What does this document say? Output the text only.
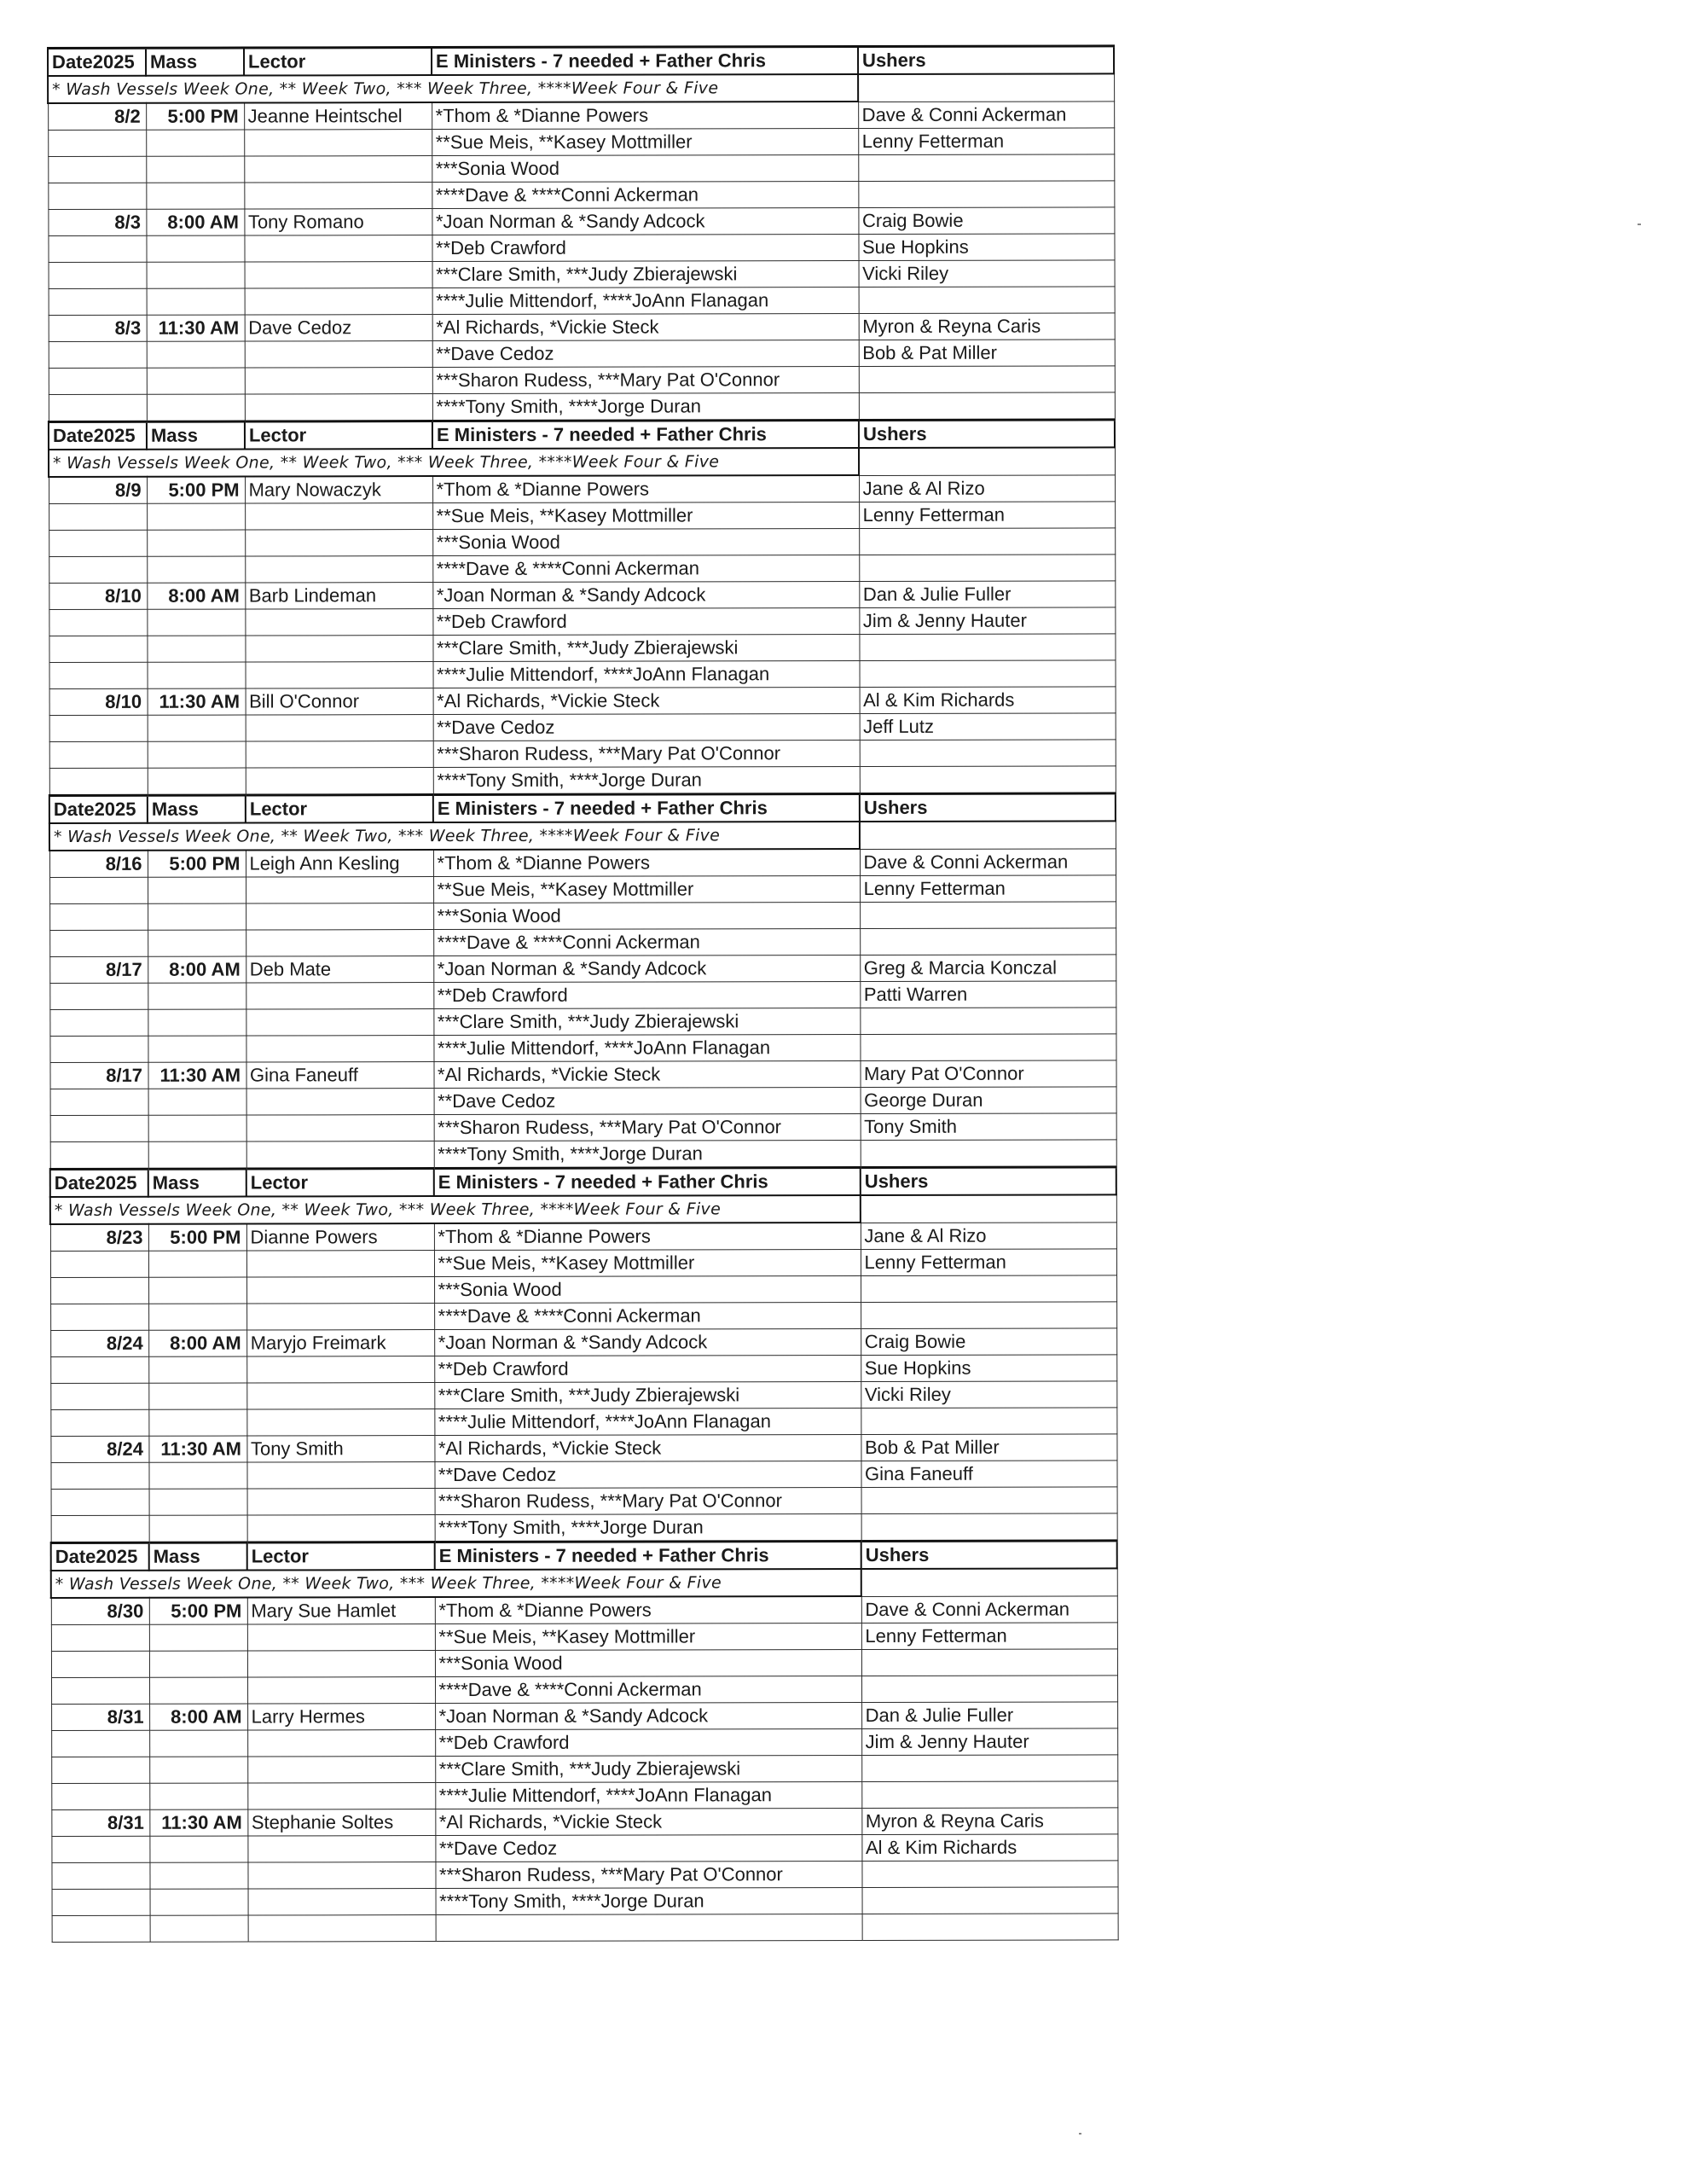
Date2025	Mass	Lector	E Ministers - 7 needed + Father Chris	Ushers
* Wash Vessels Week One, ** Week Two, *** Week Three, ****Week Four & Five				
8/2	5:00 PM	Jeanne Heintschel	*Thom & *Dianne Powers	Dave & Conni Ackerman
			**Sue Meis, **Kasey Mottmiller	Lenny Fetterman
			***Sonia Wood	
			****Dave & ****Conni Ackerman	
8/3	8:00 AM	Tony Romano	*Joan Norman & *Sandy Adcock	Craig Bowie
			**Deb Crawford	Sue Hopkins
			***Clare Smith, ***Judy Zbierajewski	Vicki Riley
			****Julie Mittendorf, ****JoAnn Flanagan	
8/3	11:30 AM	Dave Cedoz	*Al Richards, *Vickie Steck	Myron & Reyna Caris
			**Dave Cedoz	Bob & Pat Miller
			***Sharon Rudess, ***Mary Pat O'Connor	
			****Tony Smith, ****Jorge Duran	
Date2025	Mass	Lector	E Ministers - 7 needed + Father Chris	Ushers
* Wash Vessels Week One, ** Week Two, *** Week Three, ****Week Four & Five				
8/9	5:00 PM	Mary Nowaczyk	*Thom & *Dianne Powers	Jane & Al Rizo
			**Sue Meis, **Kasey Mottmiller	Lenny Fetterman
			***Sonia Wood	
			****Dave & ****Conni Ackerman	
8/10	8:00 AM	Barb Lindeman	*Joan Norman & *Sandy Adcock	Dan & Julie Fuller
			**Deb Crawford	Jim & Jenny Hauter
			***Clare Smith, ***Judy Zbierajewski	
			****Julie Mittendorf, ****JoAnn Flanagan	
8/10	11:30 AM	Bill O'Connor	*Al Richards, *Vickie Steck	Al & Kim Richards
			**Dave Cedoz	Jeff Lutz
			***Sharon Rudess, ***Mary Pat O'Connor	
			****Tony Smith, ****Jorge Duran	
Date2025	Mass	Lector	E Ministers - 7 needed + Father Chris	Ushers
* Wash Vessels Week One, ** Week Two, *** Week Three, ****Week Four & Five				
8/16	5:00 PM	Leigh Ann Kesling	*Thom & *Dianne Powers	Dave & Conni Ackerman
			**Sue Meis, **Kasey Mottmiller	Lenny Fetterman
			***Sonia Wood	
			****Dave & ****Conni Ackerman	
8/17	8:00 AM	Deb Mate	*Joan Norman & *Sandy Adcock	Greg & Marcia Konczal
			**Deb Crawford	Patti Warren
			***Clare Smith, ***Judy Zbierajewski	
			****Julie Mittendorf, ****JoAnn Flanagan	
8/17	11:30 AM	Gina Faneuff	*Al Richards, *Vickie Steck	Mary Pat O'Connor
			**Dave Cedoz	George Duran
			***Sharon Rudess, ***Mary Pat O'Connor	Tony Smith
			****Tony Smith, ****Jorge Duran	
Date2025	Mass	Lector	E Ministers - 7 needed + Father Chris	Ushers
* Wash Vessels Week One, ** Week Two, *** Week Three, ****Week Four & Five				
8/23	5:00 PM	Dianne Powers	*Thom & *Dianne Powers	Jane & Al Rizo
			**Sue Meis, **Kasey Mottmiller	Lenny Fetterman
			***Sonia Wood	
			****Dave & ****Conni Ackerman	
8/24	8:00 AM	Maryjo Freimark	*Joan Norman & *Sandy Adcock	Craig Bowie
			**Deb Crawford	Sue Hopkins
			***Clare Smith, ***Judy Zbierajewski	Vicki Riley
			****Julie Mittendorf, ****JoAnn Flanagan	
8/24	11:30 AM	Tony Smith	*Al Richards, *Vickie Steck	Bob & Pat Miller
			**Dave Cedoz	Gina Faneuff
			***Sharon Rudess, ***Mary Pat O'Connor	
			****Tony Smith, ****Jorge Duran	
Date2025	Mass	Lector	E Ministers - 7 needed + Father Chris	Ushers
* Wash Vessels Week One, ** Week Two, *** Week Three, ****Week Four & Five				
8/30	5:00 PM	Mary Sue Hamlet	*Thom & *Dianne Powers	Dave & Conni Ackerman
			**Sue Meis, **Kasey Mottmiller	Lenny Fetterman
			***Sonia Wood	
			****Dave & ****Conni Ackerman	
8/31	8:00 AM	Larry Hermes	*Joan Norman & *Sandy Adcock	Dan & Julie Fuller
			**Deb Crawford	Jim & Jenny Hauter
			***Clare Smith, ***Judy Zbierajewski	
			****Julie Mittendorf, ****JoAnn Flanagan	
8/31	11:30 AM	Stephanie Soltes	*Al Richards, *Vickie Steck	Myron & Reyna Caris
			**Dave Cedoz	Al & Kim Richards
			***Sharon Rudess, ***Mary Pat O'Connor	
			****Tony Smith, ****Jorge Duran	
